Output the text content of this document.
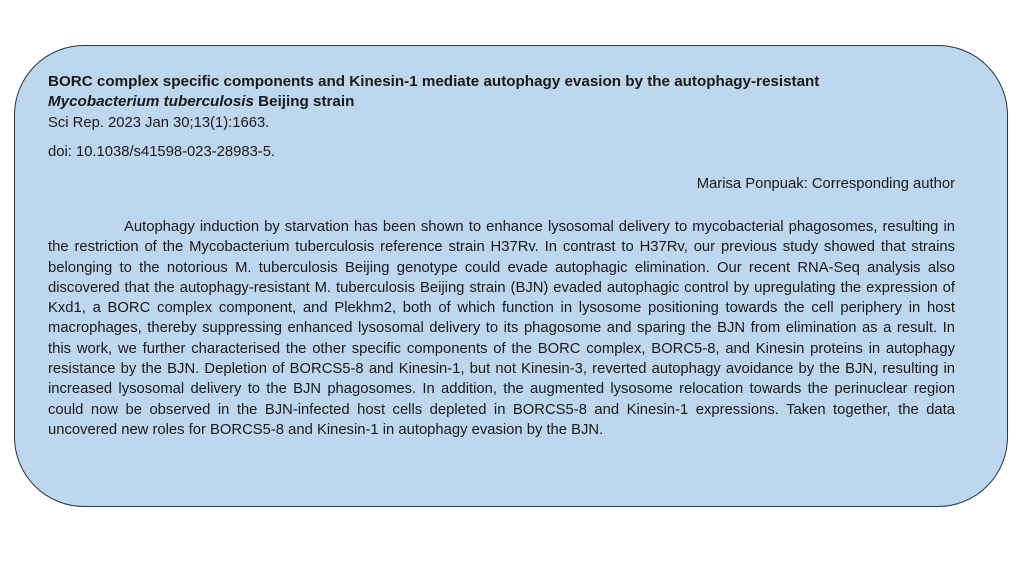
BORC complex specific components and Kinesin-1 mediate autophagy evasion by the autophagy-resistant
Mycobacterium tuberculosis Beijing strain

Sci Rep. 2023 Jan 30;13(1):1663.

doi: 10.1038/s41598-023-28983-5.

Marisa Ponpuak: Corresponding author

Autophagy induction by starvation has been shown to enhance lysosomal delivery to mycobacterial phagosomes, resulting in the restriction of the Mycobacterium tuberculosis reference strain H37Rv. In contrast to H37Rv, our previous study showed that strains belonging to the notorious M. tuberculosis Beijing genotype could evade autophagic elimination. Our recent RNA-Seq analysis also discovered that the autophagy-resistant M. tuberculosis Beijing strain (BJN) evaded autophagic control by upregulating the expression of Kxd1, a BORC complex component, and Plekhm2, both of which function in lysosome positioning towards the cell periphery in host macrophages, thereby suppressing enhanced lysosomal delivery to its phagosome and sparing the BJN from elimination as a result. In this work, we further characterised the other specific components of the BORC complex, BORC5-8, and Kinesin proteins in autophagy resistance by the BJN. Depletion of BORCS5-8 and Kinesin-1, but not Kinesin-3, reverted autophagy avoidance by the BJN, resulting in increased lysosomal delivery to the BJN phagosomes. In addition, the augmented lysosome relocation towards the perinuclear region could now be observed in the BJN-infected host cells depleted in BORCS5-8 and Kinesin-1 expressions. Taken together, the data uncovered new roles for BORCS5-8 and Kinesin-1 in autophagy evasion by the BJN.
